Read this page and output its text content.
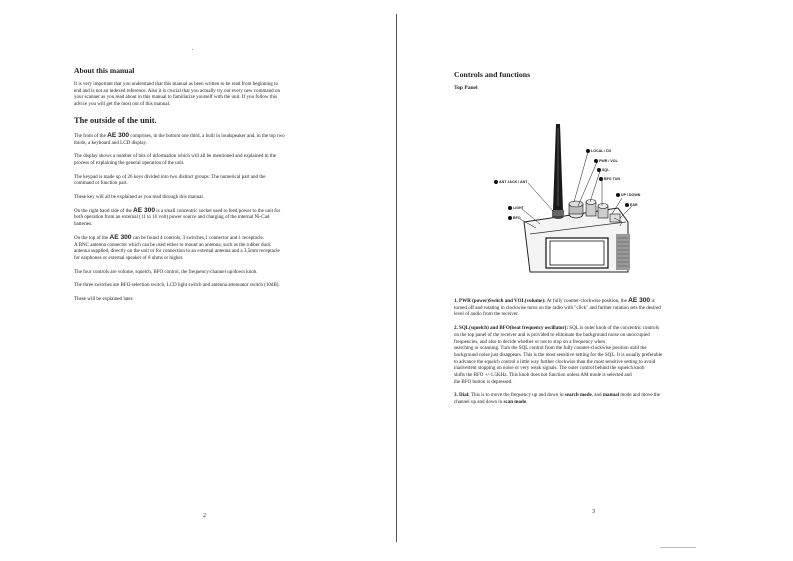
About this manual

It is very important that you understand that this manual as been written to be read from beginning to
end and is not an indexed reference. Also it is crucial that you actually try out every new command on
your scanner as you read about in this manual to familiarize yourself with the unit. If you follow this
advice you will get the most out of this manual.

The outside of the unit.

The front of the AE 300 comprises, in the bottom one third, a built in loudspeaker and, in the top two
thirds, a keyboard and LCD display.

The display shows a number of bits of information which will all be mentioned and explained in the
process of explaining the general operation of the unit.

The keypad is made up of 26 keys divided into two distinct groups: The numerical part and the
command or function part.

These key will all be explained as you read through this manual.

On the right band side of the AE 300 is a small concentric socket used to feed power to the unit for
both operation from an external (11 to 16 volt) power source and charging of the internal Ni-Cad
batteries.

On the top of the AE 300 can be found 4 controls, 3 switches,1 connector and 1 receptacle.
A BNC antenna connector which can be used either to mount an antenna, such as the rubber duck
antenna supplied, directly on the unit or for connection to an external antenna and a 3,5mm receptacle
for earphones or external speaker of 8 ohms or higher.

The four controls are volume, squelch, BFO control, the frequency/channel up/down knob.

The three switches are BFO selection switch, LCD light switch and antenna attenuator switch (10dB).

These will be explained later.

2
Controls and functions
Top Panel
LOCAL / DX
PWR / VOL
SQL
BFO TUN
ANT JACK / ANT
UP / DOWN
EAR
LIGHT
BFO

1. PWR (power)Switch and VOL(volume): At fully counter-clockwise position, the AE 300 is
turned off and rotating in clockwise turns on the radio with "click" and further rotation sets the desired
level of audio from the receiver.

2. SQL(squelch) and BFO(beat frequency oscillator): SQL is outer knob of the concentric controls
on the top panel of the receiver and is provided to eliminate the background noise on unoccupied
frequencies, and also to decide whether or not to stop on a frequency when
searching or scanning. Turn the SQL control from the fully counter-clockwise position until the
background noise just disappears. This is the most sensitive setting for the SQL. It is usually preferable
to advance the squelch control a little way further clockwise than the most sensitive setting to avoid
inadvertent stopping on noise or very weak signals. The outer control behind the squelch knob
shifts the BFO +/-1.5KHz. This knob does not function unless AM mode is selected and
the BFO button is depressed.

3. Dial: This is to move the frequency up and down in search mode, and manual mode and move the
channel up and down in scan mode.

3
